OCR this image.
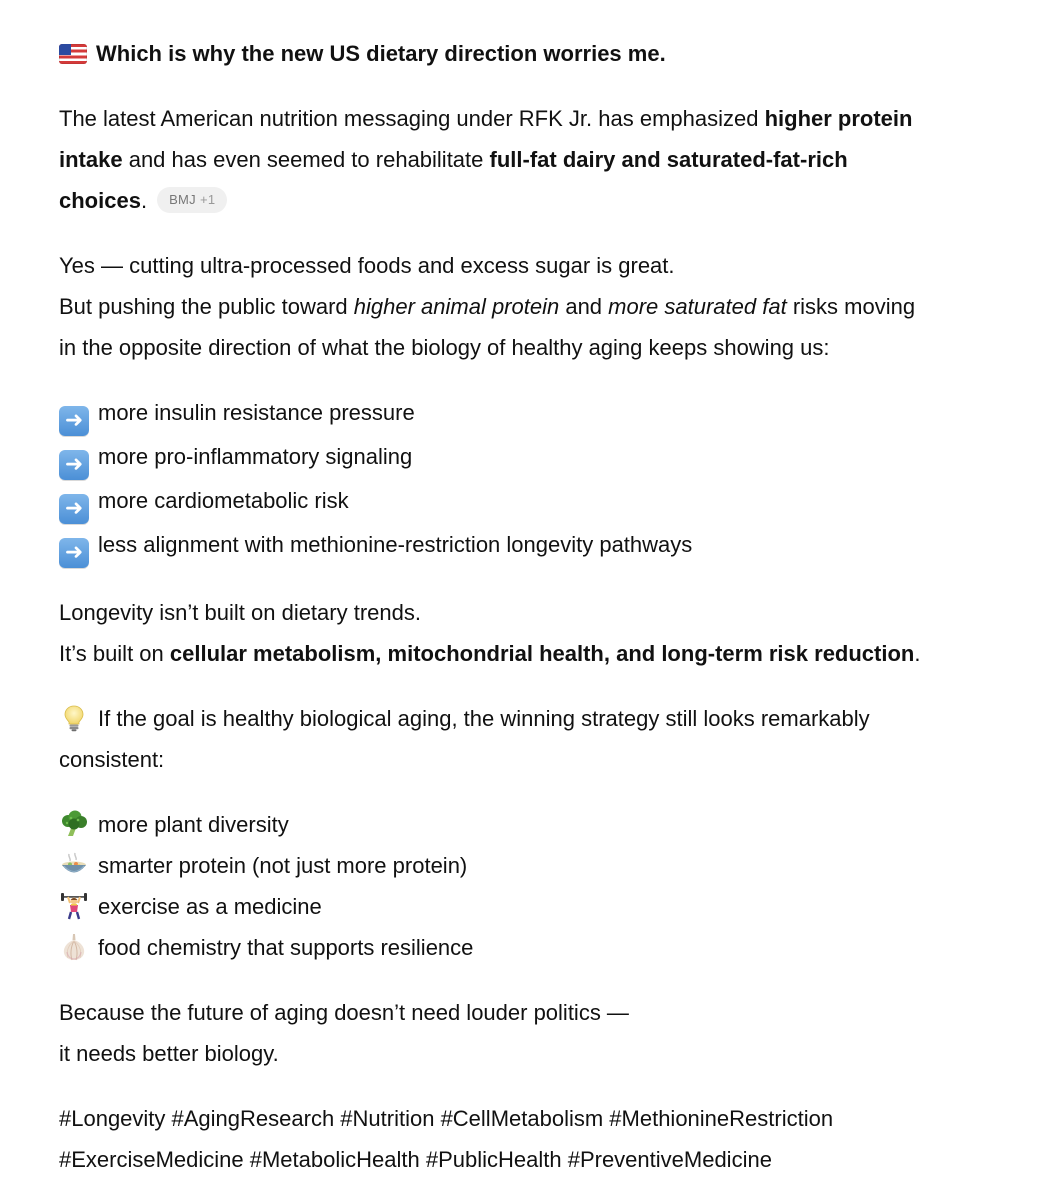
Which is why the new US dietary direction worries me.
The latest American nutrition messaging under RFK Jr. has emphasized higher protein
intake and has even seemed to rehabilitate full-fat dairy and saturated-fat-rich
choices. BMJ +1
Yes — cutting ultra-processed foods and excess sugar is great.
But pushing the public toward higher animal protein and more saturated fat risks moving
in the opposite direction of what the biology of healthy aging keeps showing us:
➜ more insulin resistance pressure
➜ more pro-inflammatory signaling
➜ more cardiometabolic risk
➜ less alignment with methionine-restriction longevity pathways
Longevity isn’t built on dietary trends.
It’s built on cellular metabolism, mitochondrial health, and long-term risk reduction.
If the goal is healthy biological aging, the winning strategy still looks remarkably
consistent:
more plant diversity
smarter protein (not just more protein)
exercise as a medicine
food chemistry that supports resilience
Because the future of aging doesn’t need louder politics —
it needs better biology.
#Longevity #AgingResearch #Nutrition #CellMetabolism #MethionineRestriction
#ExerciseMedicine #MetabolicHealth #PublicHealth #PreventiveMedicine
